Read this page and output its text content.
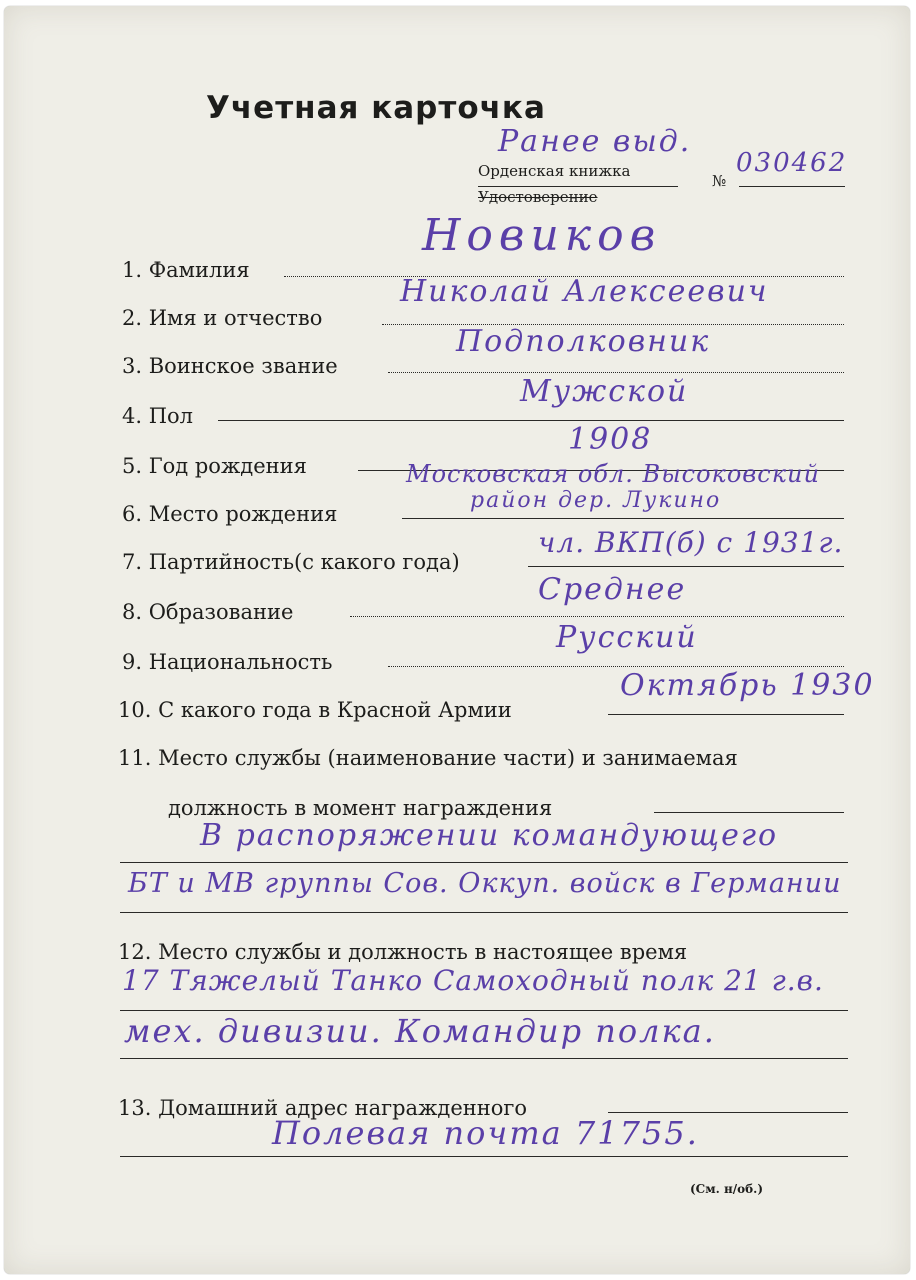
Учетная карточка
Ранее выд.
Орденская книжка
Удостоверение
№
030462
Новиков
1. Фамилия
Николай Алексеевич
2. Имя и отчество
Подполковник
3. Воинское звание
Мужской
4. Пол
1908
5. Год рождения	Московская обл. Высоковский
район дер. Лукино
6. Место рождения
чл. ВКП(б) с 1931г.
7. Партийность(с какого года)
Среднее
8. Образование
Русский
9. Национальность
Октябрь 1930
10. С какого года в Красной Армии
11. Место службы (наименование части) и занимаемая
должность в момент награждения
В распоряжении командующего
БТ и МВ группы Сов. Оккуп. войск в Германии
12. Место службы и должность в настоящее время
17 Тяжелый Танко Самоходный полк 21 г.в.
мех. дивизии. Командир полка.
13. Домашний адрес награжденного
Полевая почта 71755.
(См. н/об.)
